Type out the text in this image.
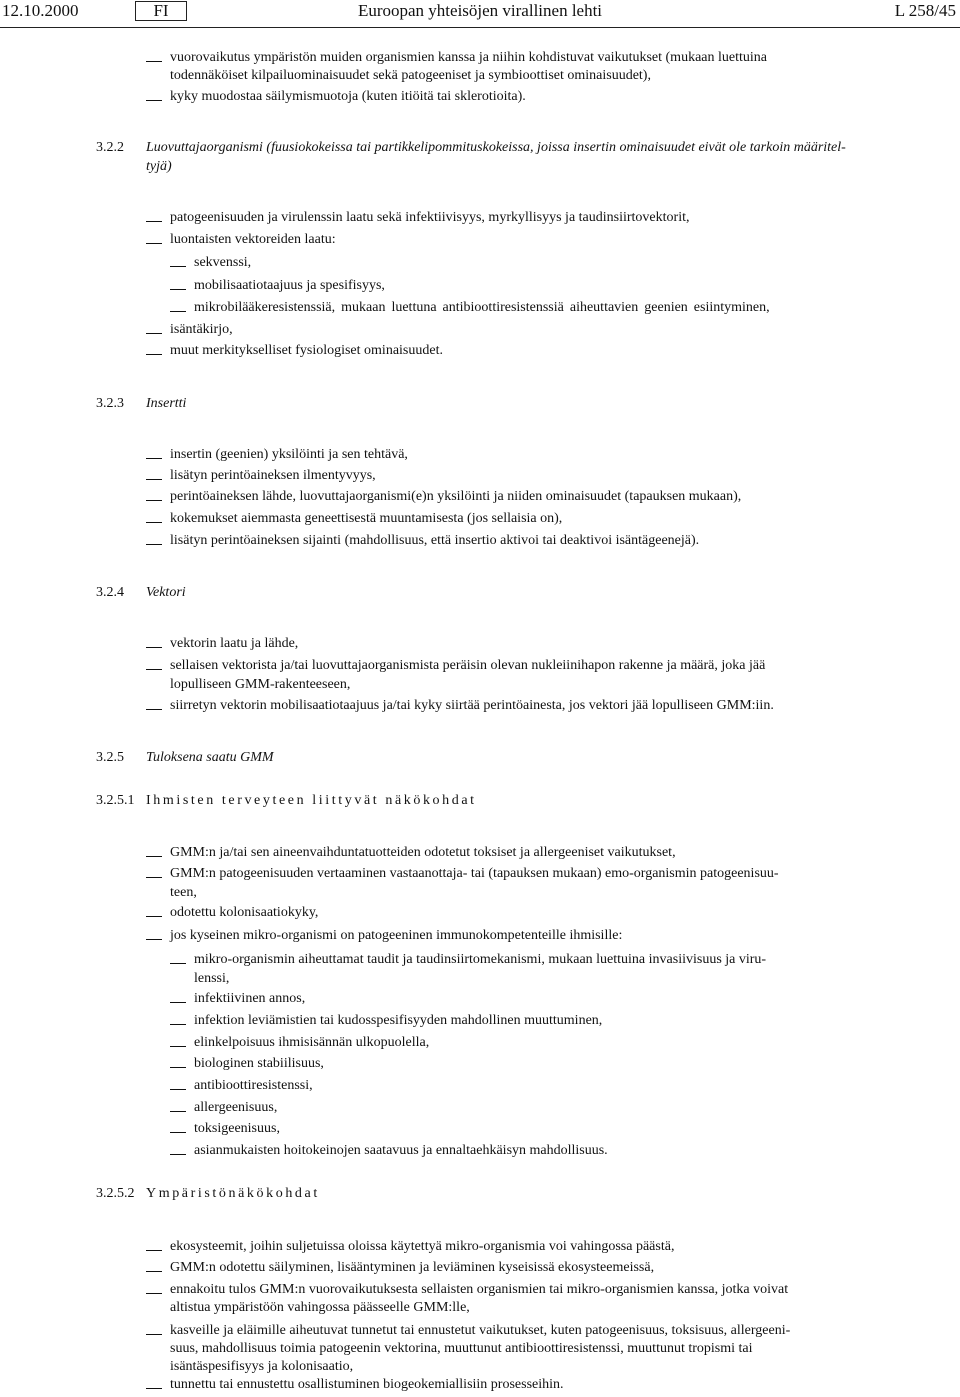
12.10.2000	FI	Euroopan yhteisöjen virallinen lehti	L 258/45
vuorovaikutus ympäristön muiden organismien kanssa ja niihin kohdistuvat vaikutukset (mukaan luettuina
todennäköiset kilpailuominaisuudet sekä patogeeniset ja symbioottiset ominaisuudet),
kyky muodostaa säilymismuotoja (kuten itiöitä tai sklerotioita).
3.2.2 Luovuttajaorganismi (fuusiokokeissa tai partikkelipommituskokeissa, joissa insertin ominaisuudet eivät ole tarkoin määritel-
tyjä)
patogeenisuuden ja virulenssin laatu sekä infektiivisyys, myrkyllisyys ja taudinsiirtovektorit,
luontaisten vektoreiden laatu:
sekvenssi,
mobilisaatiotaajuus ja spesifisyys,
mikrobilääkeresistenssiä, mukaan luettuna antibioottiresistenssiä aiheuttavien geenien esiintyminen,
isäntäkirjo,
muut merkitykselliset fysiologiset ominaisuudet.
3.2.3 Insertti
insertin (geenien) yksilöinti ja sen tehtävä,
lisätyn perintöaineksen ilmentyvyys,
perintöaineksen lähde, luovuttajaorganismi(e)n yksilöinti ja niiden ominaisuudet (tapauksen mukaan),
kokemukset aiemmasta geneettisestä muuntamisesta (jos sellaisia on),
lisätyn perintöaineksen sijainti (mahdollisuus, että insertio aktivoi tai deaktivoi isäntägeenejä).
3.2.4 Vektori
vektorin laatu ja lähde,
sellaisen vektorista ja/tai luovuttajaorganismista peräisin olevan nukleiinihapon rakenne ja määrä, joka jää
lopulliseen GMM-rakenteeseen,
siirretyn vektorin mobilisaatiotaajuus ja/tai kyky siirtää perintöainesta, jos vektori jää lopulliseen GMM:iin.
3.2.5 Tuloksena saatu GMM
3.2.5.1 Ihmisten terveyteen liittyvät näkökohdat
GMM:n ja/tai sen aineenvaihduntatuotteiden odotetut toksiset ja allergeeniset vaikutukset,
GMM:n patogeenisuuden vertaaminen vastaanottaja- tai (tapauksen mukaan) emo-organismin patogeenisuu-
teen,
odotettu kolonisaatiokyky,
jos kyseinen mikro-organismi on patogeeninen immunokompetenteille ihmisille:
mikro-organismin aiheuttamat taudit ja taudinsiirtomekanismi, mukaan luettuina invasiivisuus ja viru-
lenssi,
infektiivinen annos,
infektion leviämistien tai kudosspesifisyyden mahdollinen muuttuminen,
elinkelpoisuus ihmisisännän ulkopuolella,
biologinen stabiilisuus,
antibioottiresistenssi,
allergeenisuus,
toksigeenisuus,
asianmukaisten hoitokeinojen saatavuus ja ennaltaehkäisyn mahdollisuus.
3.2.5.2 Ympäristönäkökohdat
ekosysteemit, joihin suljetuissa oloissa käytettyä mikro-organismia voi vahingossa päästä,
GMM:n odotettu säilyminen, lisääntyminen ja leviäminen kyseisissä ekosysteemeissä,
ennakoitu tulos GMM:n vuorovaikutuksesta sellaisten organismien tai mikro-organismien kanssa, jotka voivat
altistua ympäristöön vahingossa päässeelle GMM:lle,
kasveille ja eläimille aiheutuvat tunnetut tai ennustetut vaikutukset, kuten patogeenisuus, toksisuus, allergeeni-
suus, mahdollisuus toimia patogeenin vektorina, muuttunut antibioottiresistenssi, muuttunut tropismi tai
isäntäspesifisyys ja kolonisaatio,
tunnettu tai ennustettu osallistuminen biogeokemiallisiin prosesseihin.
